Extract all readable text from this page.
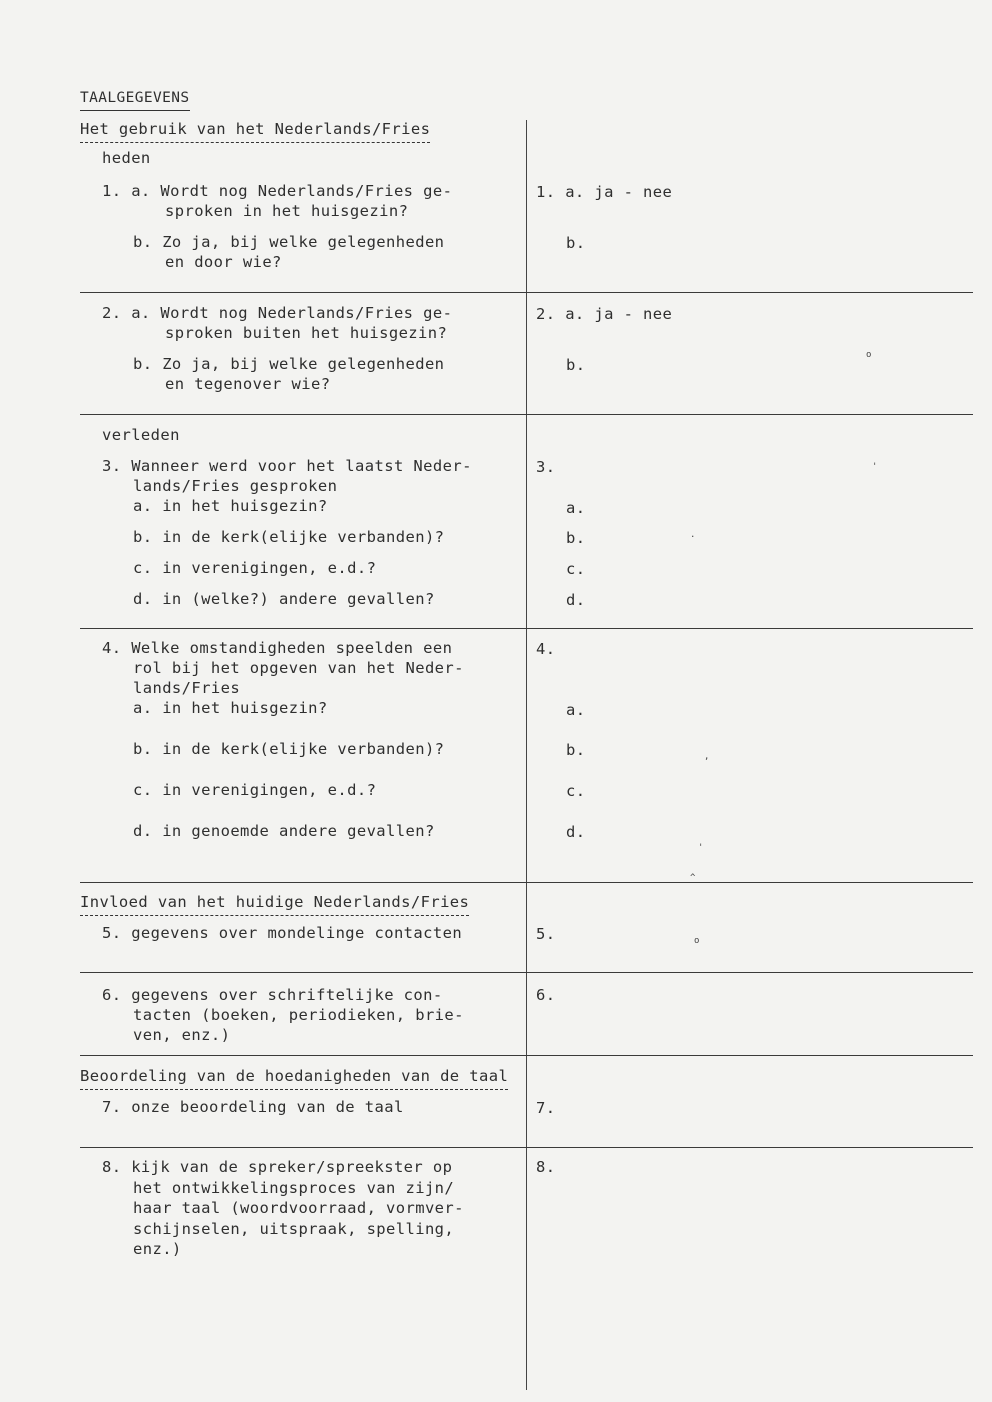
TAALGEGEVENS
Het gebruik van het Nederlands/Fries
heden
1. a. Wordt nog Nederlands/Fries ge-
sproken in het huisgezin?
b. Zo ja, bij welke gelegenheden
en door wie?
1. a. ja - nee
b.
2. a. Wordt nog Nederlands/Fries ge-
sproken buiten het huisgezin?
b. Zo ja, bij welke gelegenheden
en tegenover wie?
2. a. ja - nee
b.
verleden
3. Wanneer werd voor het laatst Neder-
lands/Fries gesproken
a. in het huisgezin?
b. in de kerk(elijke verbanden)?
c. in verenigingen, e.d.?
d. in (welke?) andere gevallen?
3.
a.
b.
c.
d.
4. Welke omstandigheden speelden een
rol bij het opgeven van het Neder-
lands/Fries
a. in het huisgezin?
b. in de kerk(elijke verbanden)?
c. in verenigingen, e.d.?
d. in genoemde andere gevallen?
4.
a.
b.
c.
d.
Invloed van het huidige Nederlands/Fries
5. gegevens over mondelinge contacten	5.
6. gegevens over schriftelijke con-
tacten (boeken, periodieken, brie-
ven, enz.)
6.
Beoordeling van de hoedanigheden van de taal
7. onze beoordeling van de taal	7.
8. kijk van de spreker/spreekster op
het ontwikkelingsproces van zijn/
haar taal (woordvoorraad, vormver-
schijnselen, uitspraak, spelling,
enz.)
8.
o
'
.
,
'
^
o
